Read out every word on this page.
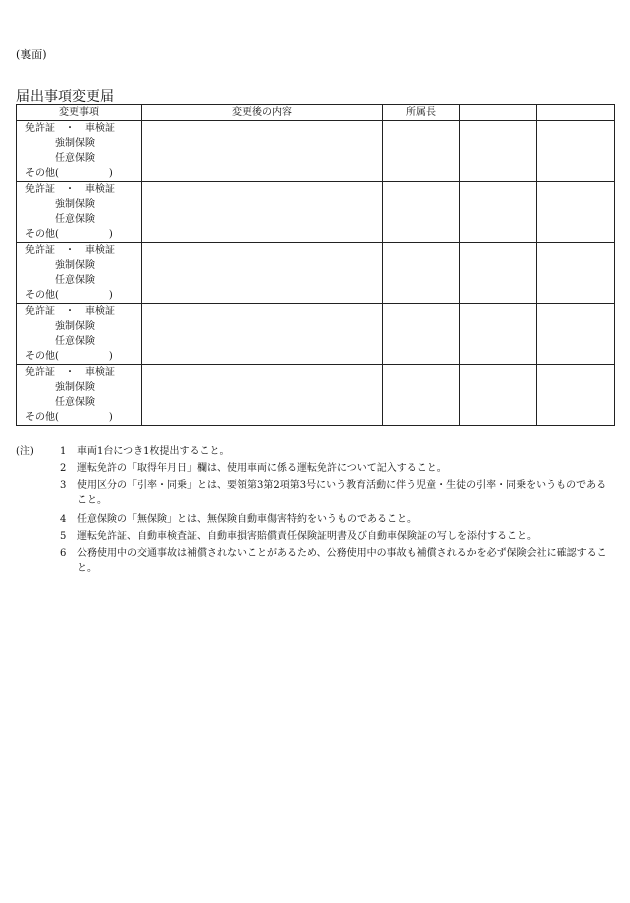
(裏面)
届出事項変更届
変更事項	変更後の内容	所属長		

免許証　・　車検証
強制保険
任意保険
その他(　　　　　)				

免許証　・　車検証
強制保険
任意保険
その他(　　　　　)				

免許証　・　車検証
強制保険
任意保険
その他(　　　　　)				

免許証　・　車検証
強制保険
任意保険
その他(　　　　　)				

免許証　・　車検証
強制保険
任意保険
その他(　　　　　)				

(注)	1	車両1台につき1枚提出すること。
2	運転免許の「取得年月日」欄は、使用車両に係る運転免許について記入すること。
3	使用区分の「引率・同乗」とは、要領第3第2項第3号にいう教育活動に伴う児童・生徒の引率・同乗をいうものであること。
4	任意保険の「無保険」とは、無保険自動車傷害特約をいうものであること。
5	運転免許証、自動車検査証、自動車損害賠償責任保険証明書及び自動車保険証の写しを添付すること。
6	公務使用中の交通事故は補償されないことがあるため、公務使用中の事故も補償されるかを必ず保険会社に確認すること。
